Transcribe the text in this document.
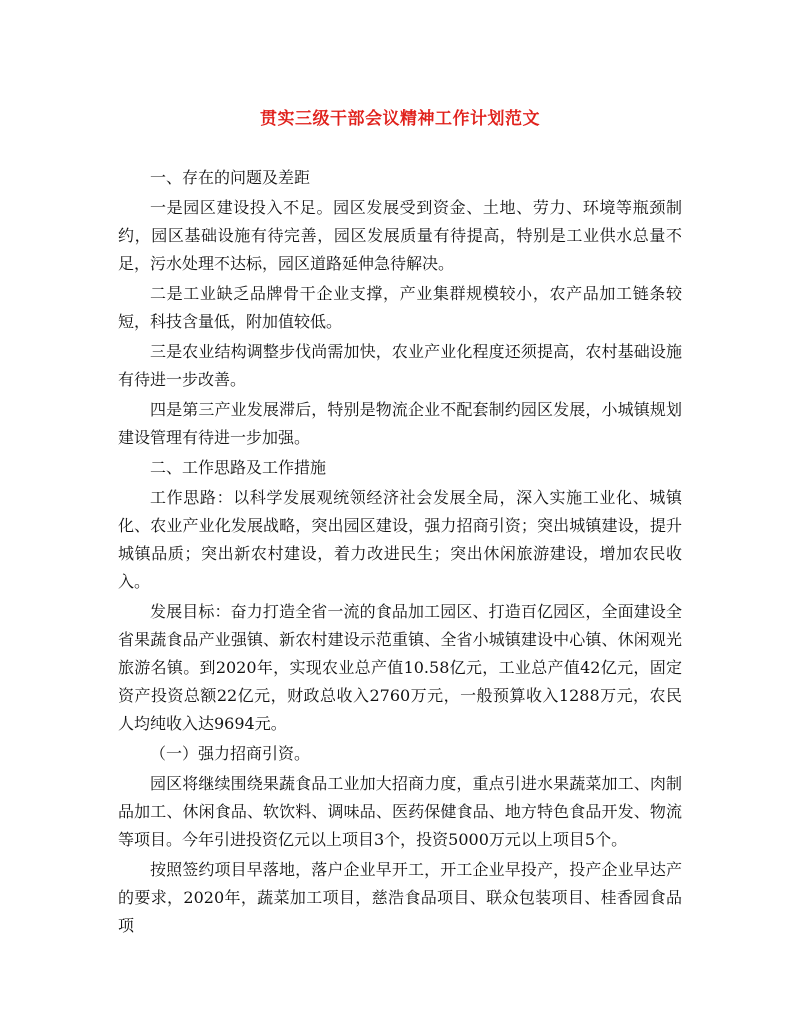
贯实三级干部会议精神工作计划范文

一、存在的问题及差距

一是园区建设投入不足。园区发展受到资金、土地、劳力、环境等瓶颈制约，园区基础设施有待完善，园区发展质量有待提高，特别是工业供水总量不足，污水处理不达标，园区道路延伸急待解决。

二是工业缺乏品牌骨干企业支撑，产业集群规模较小，农产品加工链条较短，科技含量低，附加值较低。

三是农业结构调整步伐尚需加快，农业产业化程度还须提高，农村基础设施有待进一步改善。

四是第三产业发展滞后，特别是物流企业不配套制约园区发展，小城镇规划建设管理有待进一步加强。

二、工作思路及工作措施

工作思路：以科学发展观统领经济社会发展全局，深入实施工业化、城镇化、农业产业化发展战略，突出园区建设，强力招商引资；突出城镇建设，提升城镇品质；突出新农村建设，着力改进民生；突出休闲旅游建设，增加农民收入。

发展目标：奋力打造全省一流的食品加工园区、打造百亿园区，全面建设全省果蔬食品产业强镇、新农村建设示范重镇、全省小城镇建设中心镇、休闲观光旅游名镇。到2020年，实现农业总产值10.58亿元，工业总产值42亿元，固定资产投资总额22亿元，财政总收入2760万元，一般预算收入1288万元，农民人均纯收入达9694元。

（一）强力招商引资。

园区将继续围绕果蔬食品工业加大招商力度，重点引进水果蔬菜加工、肉制品加工、休闲食品、软饮料、调味品、医药保健食品、地方特色食品开发、物流等项目。今年引进投资亿元以上项目3个，投资5000万元以上项目5个。

按照签约项目早落地，落户企业早开工，开工企业早投产，投产企业早达产的要求，2020年，蔬菜加工项目，慈浩食品项目、联众包装项目、桂香园食品项
